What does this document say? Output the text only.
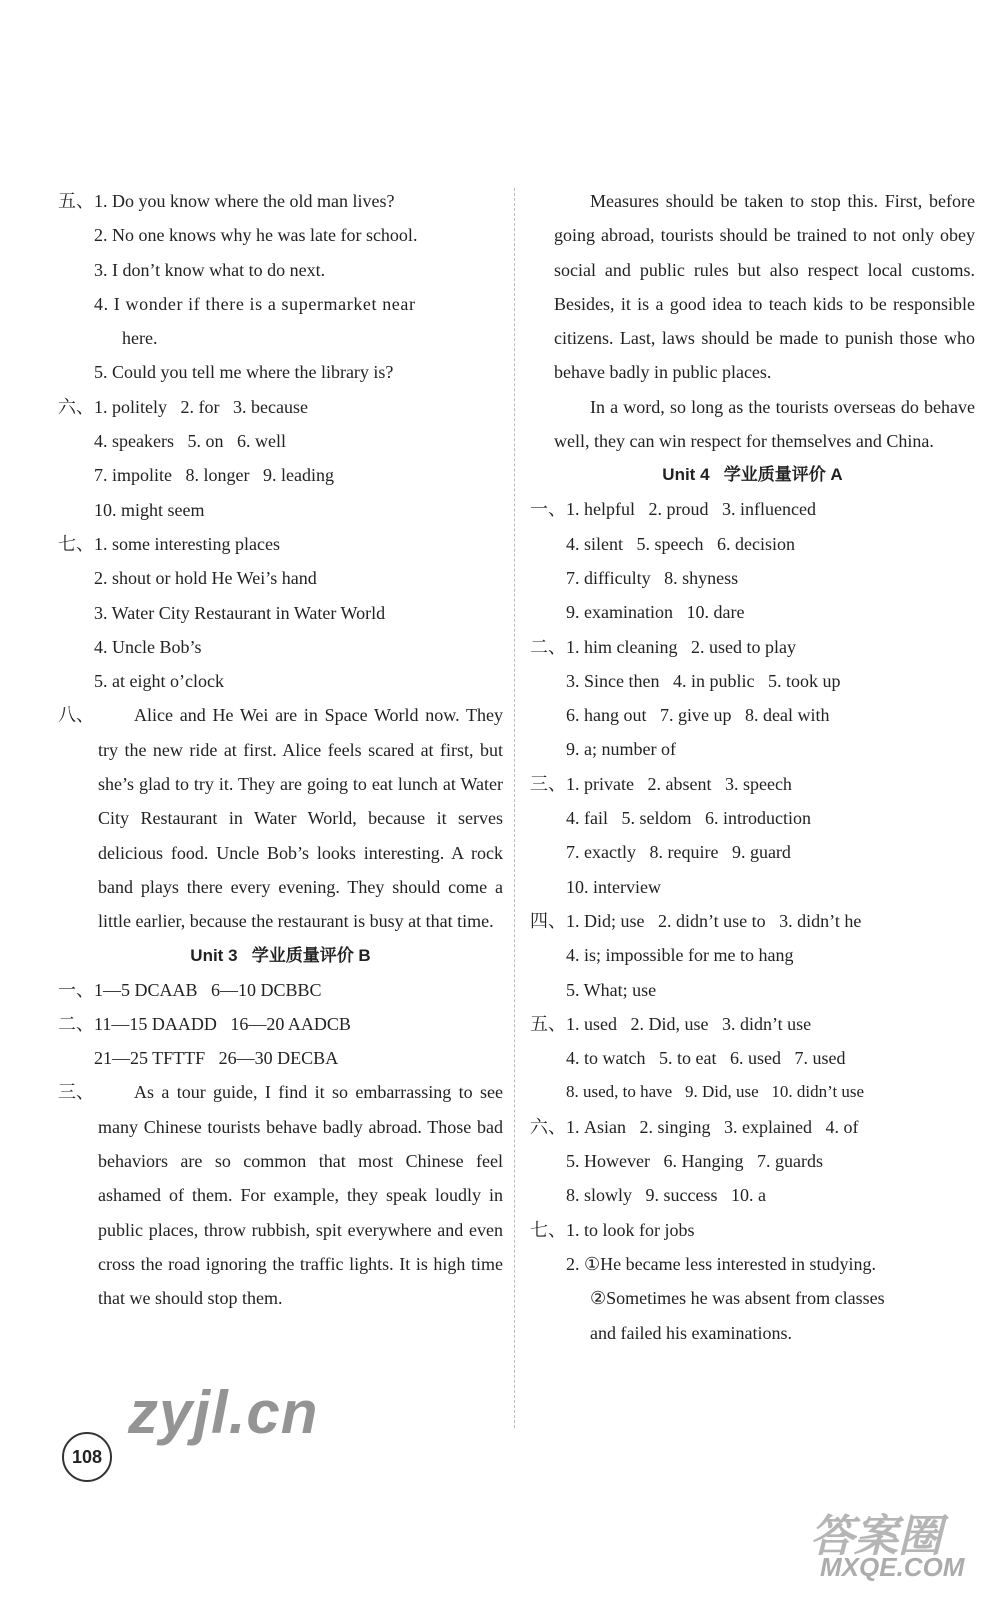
五、1. Do you know where the old man lives?
2. No one knows why he was late for school.
3. I don’t know what to do next.
4. I wonder if there is a supermarket near
here.
5. Could you tell me where the library is?
六、1. politely   2. for   3. because
4. speakers   5. on   6. well
7. impolite   8. longer   9. leading
10. might seem
七、1. some interesting places
2. shout or hold He Wei’s hand
3. Water City Restaurant in Water World
4. Uncle Bob’s
5. at eight o’clock
八、	Alice and He Wei are in Space World now. They try the new ride at first. Alice feels scared at first, but she’s glad to try it. They are going to eat lunch at Water City Restaurant in Water World, because it serves delicious food. Uncle Bob’s looks interesting. A rock band plays there every evening. They should come a little earlier, because the restaurant is busy at that time.
Unit 3   学业质量评价 B
一、1—5 DCAAB   6—10 DCBBC
二、11—15 DAADD   16—20 AADCB
21—25 TFTTF   26—30 DECBA
三、	As a tour guide, I find it so embarrassing to see many Chinese tourists behave badly abroad. Those bad behaviors are so common that most Chinese feel ashamed of them. For example, they speak loudly in public places, throw rubbish, spit everywhere and even cross the road ignoring the traffic lights. It is high time that we should stop them.
Measures should be taken to stop this. First, before going abroad, tourists should be trained to not only obey social and public rules but also respect local customs. Besides, it is a good idea to teach kids to be responsible citizens. Last, laws should be made to punish those who behave badly in public places.
In a word, so long as the tourists overseas do behave well, they can win respect for themselves and China.
Unit 4   学业质量评价 A
一、1. helpful   2. proud   3. influenced
4. silent   5. speech   6. decision
7. difficulty   8. shyness
9. examination   10. dare
二、1. him cleaning   2. used to play
3. Since then   4. in public   5. took up
6. hang out   7. give up   8. deal with
9. a; number of
三、1. private   2. absent   3. speech
4. fail   5. seldom   6. introduction
7. exactly   8. require   9. guard
10. interview
四、1. Did; use   2. didn’t use to   3. didn’t he
4. is; impossible for me to hang
5. What; use
五、1. used   2. Did, use   3. didn’t use
4. to watch   5. to eat   6. used   7. used
8. used, to have   9. Did, use   10. didn’t use
六、1. Asian   2. singing   3. explained   4. of
5. However   6. Hanging   7. guards
8. slowly   9. success   10. a
七、1. to look for jobs
2. ①He became less interested in studying.
②Sometimes he was absent from classes
and failed his examinations.
108
zyjl.cn
答案圈
MXQE.COM
